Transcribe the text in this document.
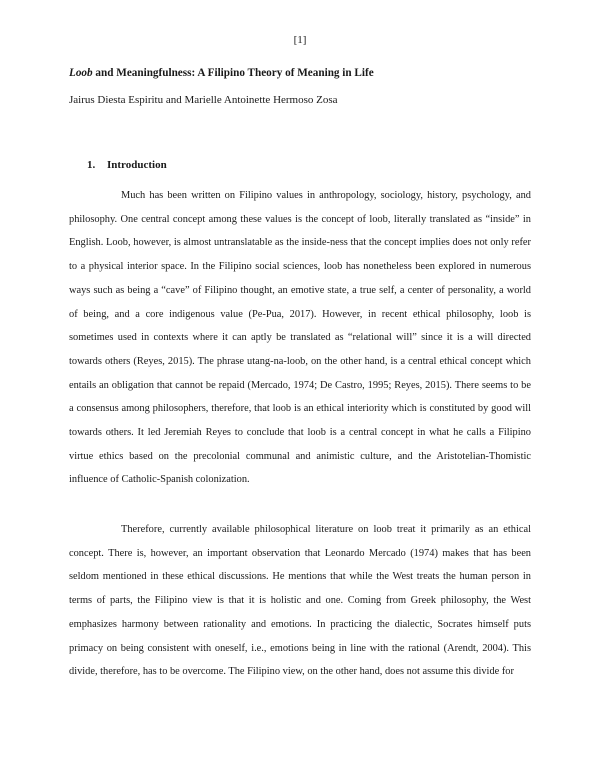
[1]
Loob and Meaningfulness: A Filipino Theory of Meaning in Life
Jairus Diesta Espiritu and Marielle Antoinette Hermoso Zosa
1. Introduction

Much has been written on Filipino values in anthropology, sociology, history, psychology, and philosophy. One central concept among these values is the concept of loob, literally translated as “inside” in English. Loob, however, is almost untranslatable as the inside-ness that the concept implies does not only refer to a physical interior space. In the Filipino social sciences, loob has nonetheless been explored in numerous ways such as being a “cave” of Filipino thought, an emotive state, a true self, a center of personality, a world of being, and a core indigenous value (Pe-Pua, 2017). However, in recent ethical philosophy, loob is sometimes used in contexts where it can aptly be translated as “relational will” since it is a will directed towards others (Reyes, 2015). The phrase utang-na-loob, on the other hand, is a central ethical concept which entails an obligation that cannot be repaid (Mercado, 1974; De Castro, 1995; Reyes, 2015). There seems to be a consensus among philosophers, therefore, that loob is an ethical interiority which is constituted by good will towards others. It led Jeremiah Reyes to conclude that loob is a central concept in what he calls a Filipino virtue ethics based on the precolonial communal and animistic culture, and the Aristotelian-Thomistic influence of Catholic-Spanish colonization.

Therefore, currently available philosophical literature on loob treat it primarily as an ethical concept. There is, however, an important observation that Leonardo Mercado (1974) makes that has been seldom mentioned in these ethical discussions. He mentions that while the West treats the human person in terms of parts, the Filipino view is that it is holistic and one. Coming from Greek philosophy, the West emphasizes harmony between rationality and emotions. In practicing the dialectic, Socrates himself puts primacy on being consistent with oneself, i.e., emotions being in line with the rational (Arendt, 2004). This divide, therefore, has to be overcome. The Filipino view, on the other hand, does not assume this divide for
